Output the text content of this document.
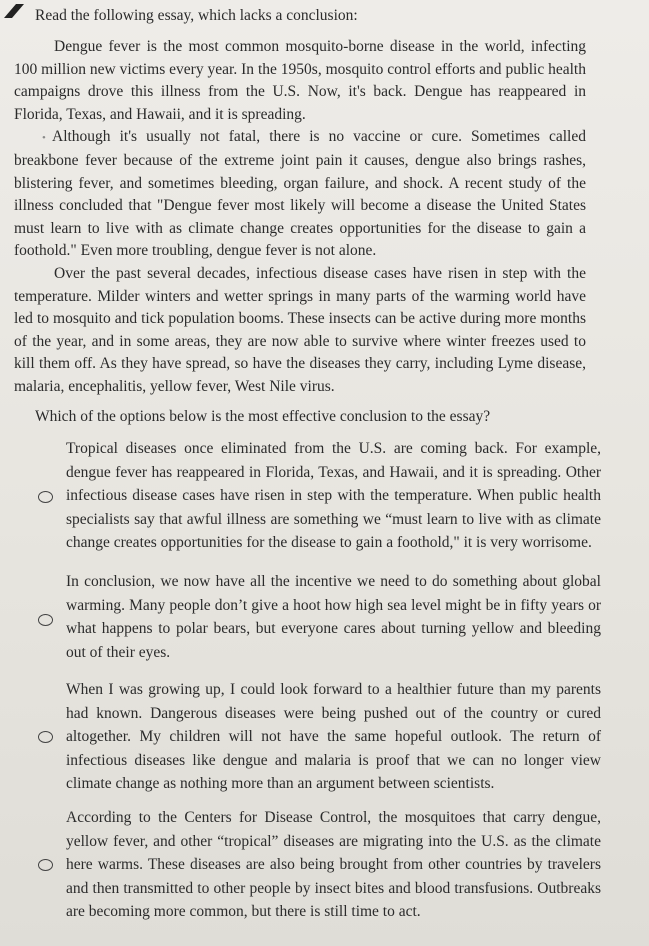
Read the following essay, which lacks a conclusion:

Dengue fever is the most common mosquito-borne disease in the world, infecting 100 million new victims every year. In the 1950s, mosquito control efforts and public health campaigns drove this illness from the U.S. Now, it's back. Dengue has reappeared in Florida, Texas, and Hawaii, and it is spreading.

• Although it's usually not fatal, there is no vaccine or cure. Sometimes called breakbone fever because of the extreme joint pain it causes, dengue also brings rashes, blistering fever, and sometimes bleeding, organ failure, and shock. A recent study of the illness concluded that "Dengue fever most likely will become a disease the United States must learn to live with as climate change creates opportunities for the disease to gain a foothold." Even more troubling, dengue fever is not alone.

Over the past several decades, infectious disease cases have risen in step with the temperature. Milder winters and wetter springs in many parts of the warming world have led to mosquito and tick population booms. These insects can be active during more months of the year, and in some areas, they are now able to survive where winter freezes used to kill them off. As they have spread, so have the diseases they carry, including Lyme disease, malaria, encephalitis, yellow fever, West Nile virus.

Which of the options below is the most effective conclusion to the essay?
Tropical diseases once eliminated from the U.S. are coming back. For example, dengue fever has reappeared in Florida, Texas, and Hawaii, and it is spreading. Other infectious disease cases have risen in step with the temperature. When public health specialists say that awful illness are something we “must learn to live with as climate change creates opportunities for the disease to gain a foothold," it is very worrisome.
In conclusion, we now have all the incentive we need to do something about global warming. Many people don’t give a hoot how high sea level might be in fifty years or what happens to polar bears, but everyone cares about turning yellow and bleeding out of their eyes.
When I was growing up, I could look forward to a healthier future than my parents had known. Dangerous diseases were being pushed out of the country or cured altogether. My children will not have the same hopeful outlook. The return of infectious diseases like dengue and malaria is proof that we can no longer view climate change as nothing more than an argument between scientists.
According to the Centers for Disease Control, the mosquitoes that carry dengue, yellow fever, and other “tropical” diseases are migrating into the U.S. as the climate here warms. These diseases are also being brought from other countries by travelers and then transmitted to other people by insect bites and blood transfusions. Outbreaks are becoming more common, but there is still time to act.
